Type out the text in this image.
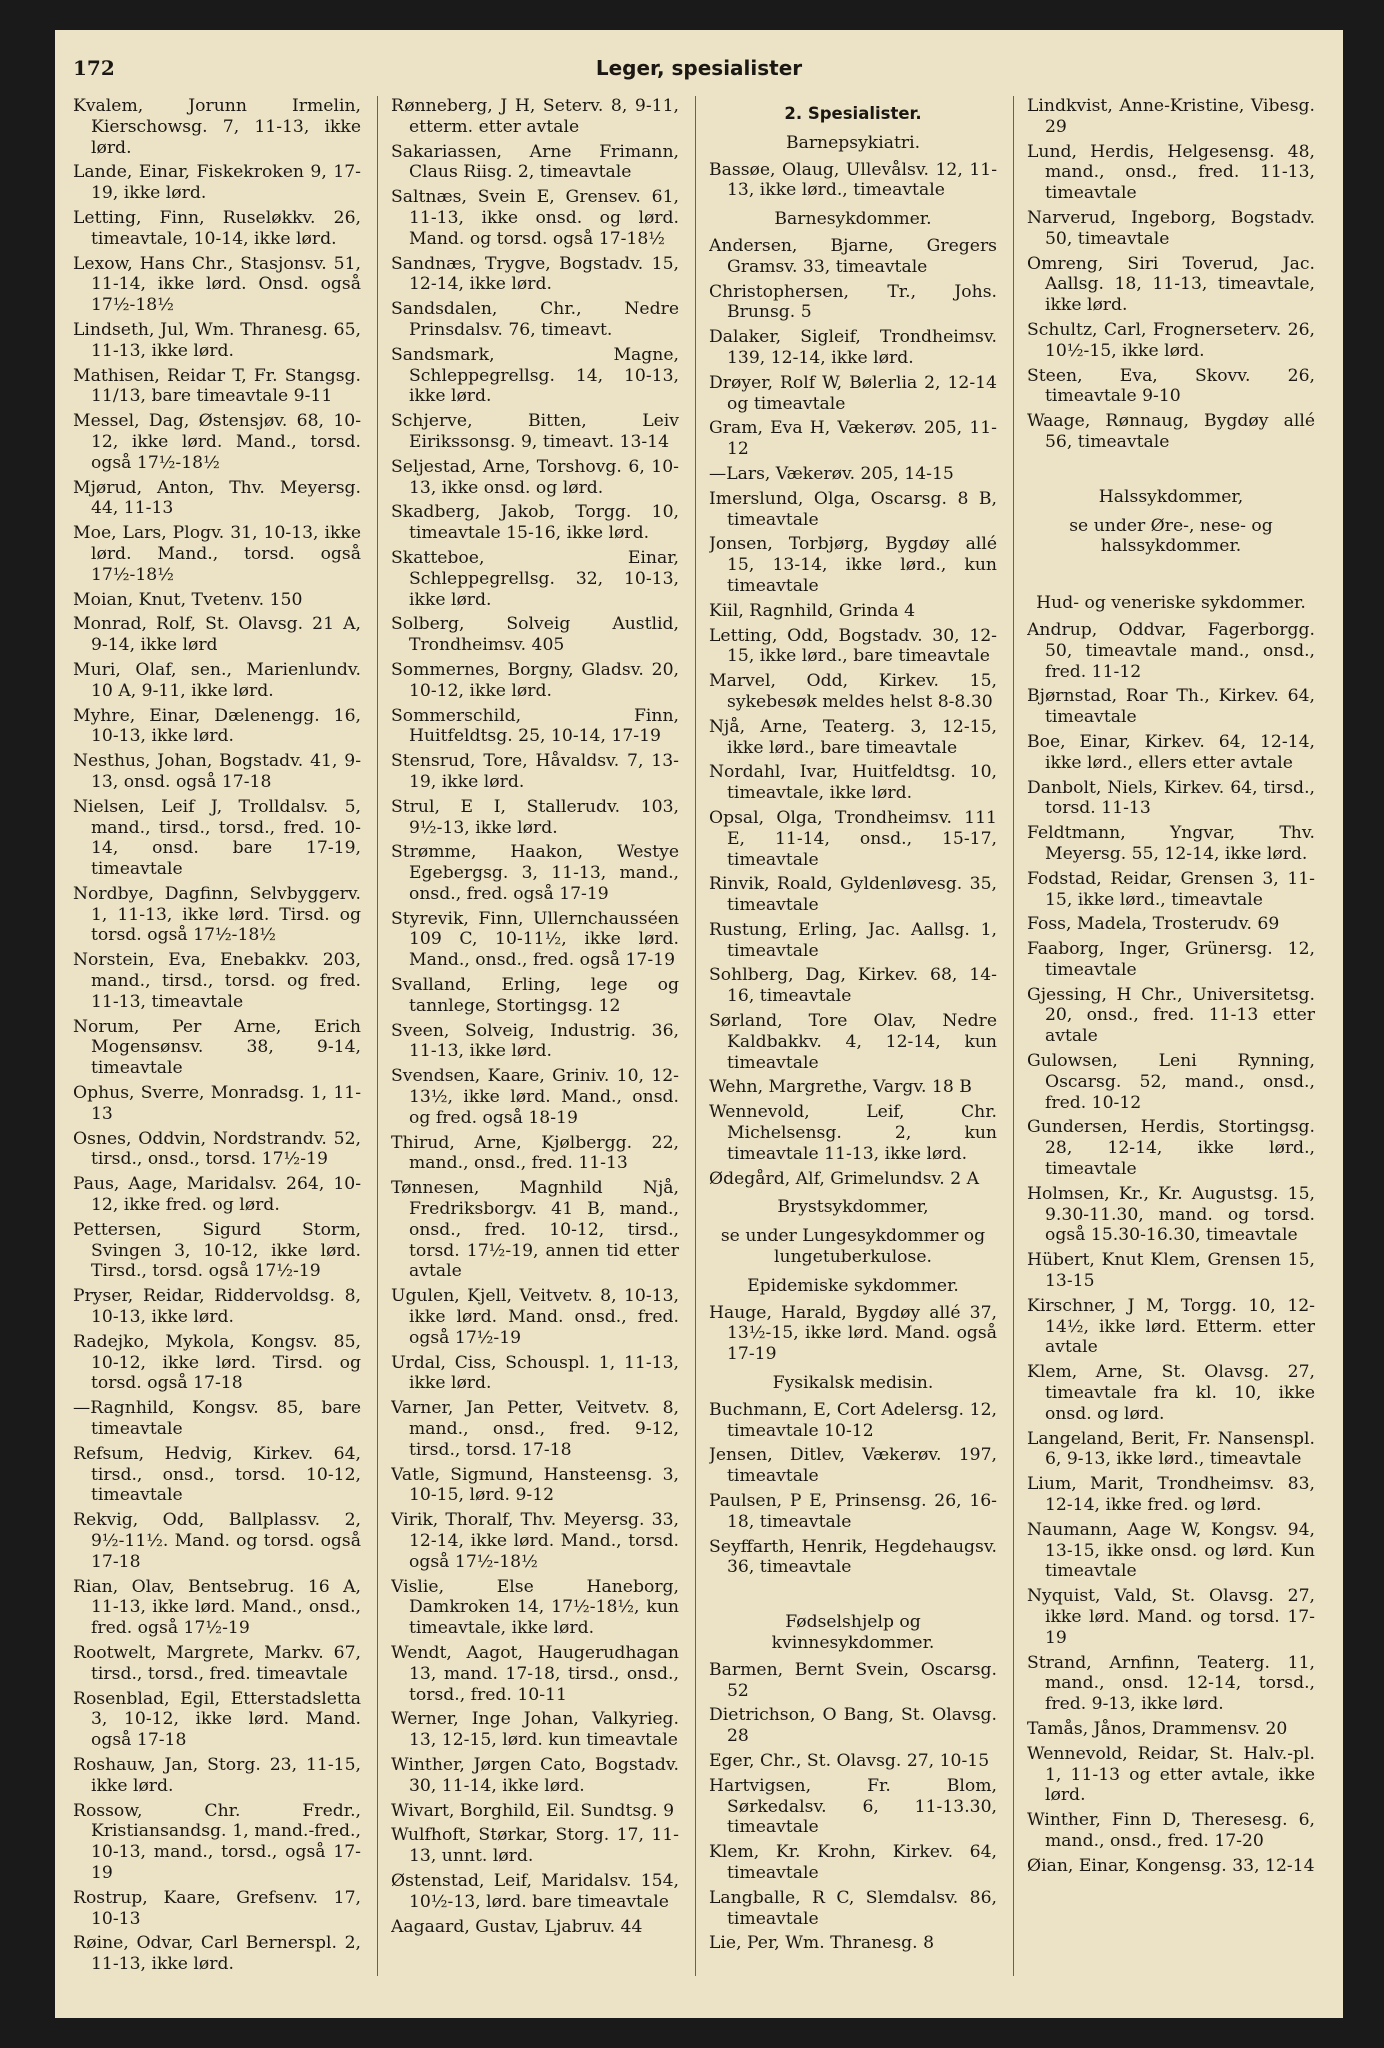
172	Leger, spesialister
Kvalem, Jorunn Irmelin, Kierschowsg. 7, 11-13, ikke lørd.
Lande, Einar, Fiskekroken 9, 17-19, ikke lørd.
Letting, Finn, Ruseløkkv. 26, timeavtale, 10-14, ikke lørd.
Lexow, Hans Chr., Stasjonsv. 51, 11-14, ikke lørd. Onsd. også 17½-18½
Lindseth, Jul, Wm. Thranesg. 65, 11-13, ikke lørd.
Mathisen, Reidar T, Fr. Stangsg. 11/13, bare timeavtale 9-11
Messel, Dag, Østensjøv. 68, 10-12, ikke lørd. Mand., torsd. også 17½-18½
Mjørud, Anton, Thv. Meyersg. 44, 11-13
Moe, Lars, Plogv. 31, 10-13, ikke lørd. Mand., torsd. også 17½-18½
Moian, Knut, Tvetenv. 150
Monrad, Rolf, St. Olavsg. 21 A, 9-14, ikke lørd
Muri, Olaf, sen., Marienlundv. 10 A, 9-11, ikke lørd.
Myhre, Einar, Dælenengg. 16, 10-13, ikke lørd.
Nesthus, Johan, Bogstadv. 41, 9-13, onsd. også 17-18
Nielsen, Leif J, Trolldalsv. 5, mand., tirsd., torsd., fred. 10-14, onsd. bare 17-19, timeavtale
Nordbye, Dagfinn, Selvbyggerv. 1, 11-13, ikke lørd. Tirsd. og torsd. også 17½-18½
Norstein, Eva, Enebakkv. 203, mand., tirsd., torsd. og fred. 11-13, timeavtale
Norum, Per Arne, Erich Mogensønsv. 38, 9-14, timeavtale
Ophus, Sverre, Monradsg. 1, 11-13
Osnes, Oddvin, Nordstrandv. 52, tirsd., onsd., torsd. 17½-19
Paus, Aage, Maridalsv. 264, 10-12, ikke fred. og lørd.
Pettersen, Sigurd Storm, Svingen 3, 10-12, ikke lørd. Tirsd., torsd. også 17½-19
Pryser, Reidar, Riddervoldsg. 8, 10-13, ikke lørd.
Radejko, Mykola, Kongsv. 85, 10-12, ikke lørd. Tirsd. og torsd. også 17-18
—Ragnhild, Kongsv. 85, bare timeavtale
Refsum, Hedvig, Kirkev. 64, tirsd., onsd., torsd. 10-12, timeavtale
Rekvig, Odd, Ballplassv. 2, 9½-11½. Mand. og torsd. også 17-18
Rian, Olav, Bentsebrug. 16 A, 11-13, ikke lørd. Mand., onsd., fred. også 17½-19
Rootwelt, Margrete, Markv. 67, tirsd., torsd., fred. timeavtale
Rosenblad, Egil, Etterstadsletta 3, 10-12, ikke lørd. Mand. også 17-18
Roshauw, Jan, Storg. 23, 11-15, ikke lørd.
Rossow, Chr. Fredr., Kristiansandsg. 1, mand.-fred., 10-13, mand., torsd., også 17-19
Rostrup, Kaare, Grefsenv. 17, 10-13
Røine, Odvar, Carl Bernerspl. 2, 11-13, ikke lørd.
Rønneberg, J H, Seterv. 8, 9-11, etterm. etter avtale
Sakariassen, Arne Frimann, Claus Riisg. 2, timeavtale
Saltnæs, Svein E, Grensev. 61, 11-13, ikke onsd. og lørd. Mand. og torsd. også 17-18½
Sandnæs, Trygve, Bogstadv. 15, 12-14, ikke lørd.
Sandsdalen, Chr., Nedre Prinsdalsv. 76, timeavt.
Sandsmark, Magne, Schleppegrellsg. 14, 10-13, ikke lørd.
Schjerve, Bitten, Leiv Eirikssonsg. 9, timeavt. 13-14
Seljestad, Arne, Torshovg. 6, 10-13, ikke onsd. og lørd.
Skadberg, Jakob, Torgg. 10, timeavtale 15-16, ikke lørd.
Skatteboe, Einar, Schleppegrellsg. 32, 10-13, ikke lørd.
Solberg, Solveig Austlid, Trondheimsv. 405
Sommernes, Borgny, Gladsv. 20, 10-12, ikke lørd.
Sommerschild, Finn, Huitfeldtsg. 25, 10-14, 17-19
Stensrud, Tore, Håvaldsv. 7, 13-19, ikke lørd.
Strul, E I, Stallerudv. 103, 9½-13, ikke lørd.
Strømme, Haakon, Westye Egebergsg. 3, 11-13, mand., onsd., fred. også 17-19
Styrevik, Finn, Ullernchausséen 109 C, 10-11½, ikke lørd. Mand., onsd., fred. også 17-19
Svalland, Erling, lege og tannlege, Stortingsg. 12
Sveen, Solveig, Industrig. 36, 11-13, ikke lørd.
Svendsen, Kaare, Griniv. 10, 12-13½, ikke lørd. Mand., onsd. og fred. også 18-19
Thirud, Arne, Kjølbergg. 22, mand., onsd., fred. 11-13
Tønnesen, Magnhild Njå, Fredriksborgv. 41 B, mand., onsd., fred. 10-12, tirsd., torsd. 17½-19, annen tid etter avtale
Ugulen, Kjell, Veitvetv. 8, 10-13, ikke lørd. Mand. onsd., fred. også 17½-19
Urdal, Ciss, Schouspl. 1, 11-13, ikke lørd.
Varner, Jan Petter, Veitvetv. 8, mand., onsd., fred. 9-12, tirsd., torsd. 17-18
Vatle, Sigmund, Hansteensg. 3, 10-15, lørd. 9-12
Virik, Thoralf, Thv. Meyersg. 33, 12-14, ikke lørd. Mand., torsd. også 17½-18½
Vislie, Else Haneborg, Damkroken 14, 17½-18½, kun timeavtale, ikke lørd.
Wendt, Aagot, Haugerudhagan 13, mand. 17-18, tirsd., onsd., torsd., fred. 10-11
Werner, Inge Johan, Valkyrieg. 13, 12-15, lørd. kun timeavtale
Winther, Jørgen Cato, Bogstadv. 30, 11-14, ikke lørd.
Wivart, Borghild, Eil. Sundtsg. 9
Wulfhoft, Størkar, Storg. 17, 11-13, unnt. lørd.
Østenstad, Leif, Maridalsv. 154, 10½-13, lørd. bare timeavtale
Aagaard, Gustav, Ljabruv. 44
2. Spesialister.
Barnepsykiatri.
Bassøe, Olaug, Ullevålsv. 12, 11-13, ikke lørd., timeavtale
Barnesykdommer.
Andersen, Bjarne, Gregers Gramsv. 33, timeavtale
Christophersen, Tr., Johs. Brunsg. 5
Dalaker, Sigleif, Trondheimsv. 139, 12-14, ikke lørd.
Drøyer, Rolf W, Bølerlia 2, 12-14 og timeavtale
Gram, Eva H, Vækerøv. 205, 11-12
—Lars, Vækerøv. 205, 14-15
Imerslund, Olga, Oscarsg. 8 B, timeavtale
Jonsen, Torbjørg, Bygdøy allé 15, 13-14, ikke lørd., kun timeavtale
Kiil, Ragnhild, Grinda 4
Letting, Odd, Bogstadv. 30, 12-15, ikke lørd., bare timeavtale
Marvel, Odd, Kirkev. 15, sykebesøk meldes helst 8-8.30
Njå, Arne, Teaterg. 3, 12-15, ikke lørd., bare timeavtale
Nordahl, Ivar, Huitfeldtsg. 10, timeavtale, ikke lørd.
Opsal, Olga, Trondheimsv. 111 E, 11-14, onsd., 15-17, timeavtale
Rinvik, Roald, Gyldenløvesg. 35, timeavtale
Rustung, Erling, Jac. Aallsg. 1, timeavtale
Sohlberg, Dag, Kirkev. 68, 14-16, timeavtale
Sørland, Tore Olav, Nedre Kaldbakkv. 4, 12-14, kun timeavtale
Wehn, Margrethe, Vargv. 18 B
Wennevold, Leif, Chr. Michelsensg. 2, kun timeavtale 11-13, ikke lørd.
Ødegård, Alf, Grimelundsv. 2 A
Brystsykdommer,
se under Lungesykdommer og lungetuberkulose.
Epidemiske sykdommer.
Hauge, Harald, Bygdøy allé 37, 13½-15, ikke lørd. Mand. også 17-19
Fysikalsk medisin.
Buchmann, E, Cort Adelersg. 12, timeavtale 10-12
Jensen, Ditlev, Vækerøv. 197, timeavtale
Paulsen, P E, Prinsensg. 26, 16-18, timeavtale
Seyffarth, Henrik, Hegdehaugsv. 36, timeavtale
Fødselshjelp og kvinnesykdommer.
Barmen, Bernt Svein, Oscarsg. 52
Dietrichson, O Bang, St. Olavsg. 28
Eger, Chr., St. Olavsg. 27, 10-15
Hartvigsen, Fr. Blom, Sørkedalsv. 6, 11-13.30, timeavtale
Klem, Kr. Krohn, Kirkev. 64, timeavtale
Langballe, R C, Slemdalsv. 86, timeavtale
Lie, Per, Wm. Thranesg. 8
Lindkvist, Anne-Kristine, Vibesg. 29
Lund, Herdis, Helgesensg. 48, mand., onsd., fred. 11-13, timeavtale
Narverud, Ingeborg, Bogstadv. 50, timeavtale
Omreng, Siri Toverud, Jac. Aallsg. 18, 11-13, timeavtale, ikke lørd.
Schultz, Carl, Frognerseterv. 26, 10½-15, ikke lørd.
Steen, Eva, Skovv. 26, timeavtale 9-10
Waage, Rønnaug, Bygdøy allé 56, timeavtale
Halssykdommer,
se under Øre-, nese- og halssykdommer.
Hud- og veneriske sykdommer.
Andrup, Oddvar, Fagerborgg. 50, timeavtale mand., onsd., fred. 11-12
Bjørnstad, Roar Th., Kirkev. 64, timeavtale
Boe, Einar, Kirkev. 64, 12-14, ikke lørd., ellers etter avtale
Danbolt, Niels, Kirkev. 64, tirsd., torsd. 11-13
Feldtmann, Yngvar, Thv. Meyersg. 55, 12-14, ikke lørd.
Fodstad, Reidar, Grensen 3, 11-15, ikke lørd., timeavtale
Foss, Madela, Trosterudv. 69
Faaborg, Inger, Grünersg. 12, timeavtale
Gjessing, H Chr., Universitetsg. 20, onsd., fred. 11-13 etter avtale
Gulowsen, Leni Rynning, Oscarsg. 52, mand., onsd., fred. 10-12
Gundersen, Herdis, Stortingsg. 28, 12-14, ikke lørd., timeavtale
Holmsen, Kr., Kr. Augustsg. 15, 9.30-11.30, mand. og torsd. også 15.30-16.30, timeavtale
Hübert, Knut Klem, Grensen 15, 13-15
Kirschner, J M, Torgg. 10, 12-14½, ikke lørd. Etterm. etter avtale
Klem, Arne, St. Olavsg. 27, timeavtale fra kl. 10, ikke onsd. og lørd.
Langeland, Berit, Fr. Nansenspl. 6, 9-13, ikke lørd., timeavtale
Lium, Marit, Trondheimsv. 83, 12-14, ikke fred. og lørd.
Naumann, Aage W, Kongsv. 94, 13-15, ikke onsd. og lørd. Kun timeavtale
Nyquist, Vald, St. Olavsg. 27, ikke lørd. Mand. og torsd. 17-19
Strand, Arnfinn, Teaterg. 11, mand., onsd. 12-14, torsd., fred. 9-13, ikke lørd.
Tamås, Jånos, Drammensv. 20
Wennevold, Reidar, St. Halv.-pl. 1, 11-13 og etter avtale, ikke lørd.
Winther, Finn D, Theresesg. 6, mand., onsd., fred. 17-20
Øian, Einar, Kongensg. 33, 12-14
